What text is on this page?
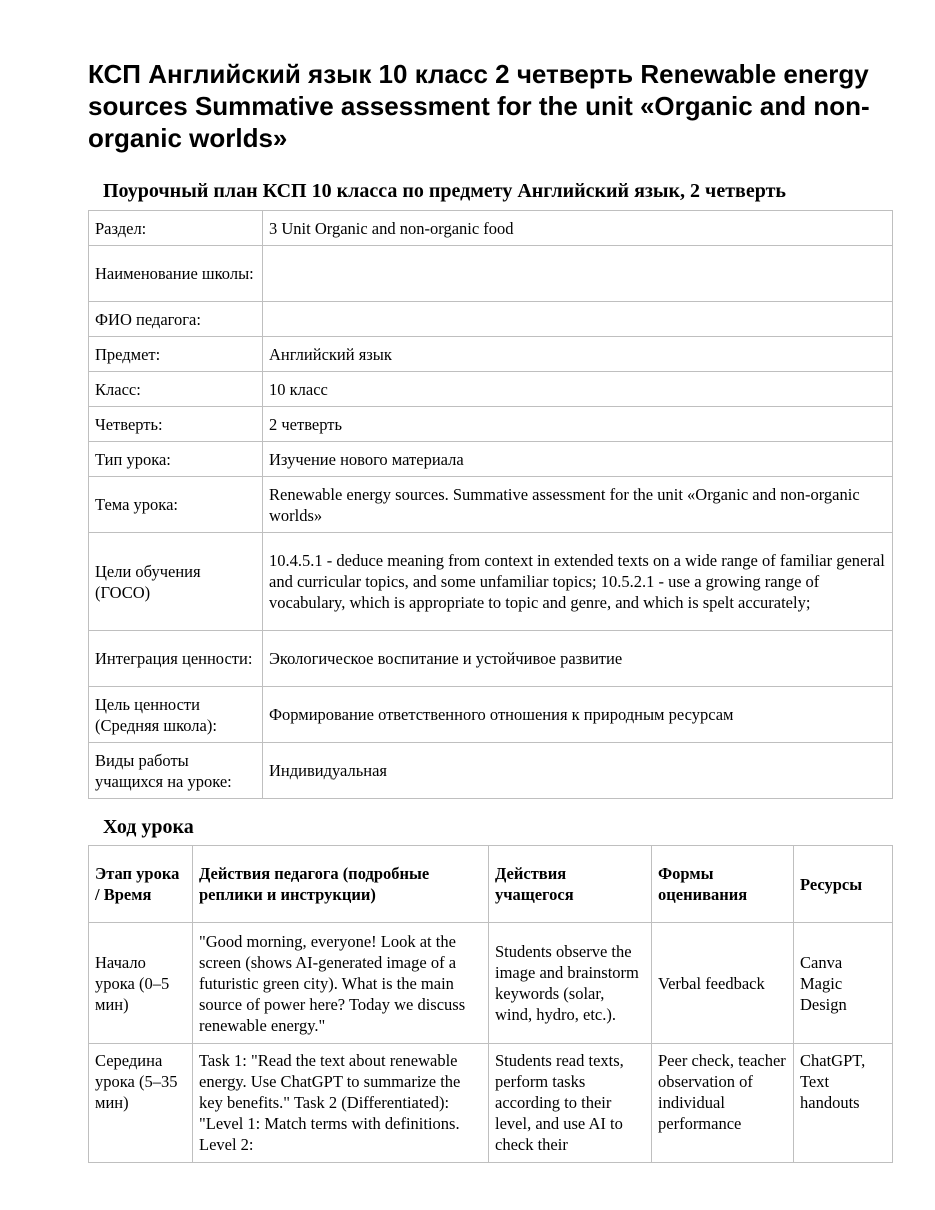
КСП Английский язык 10 класс 2 четверть Renewable energy sources Summative assessment for the unit «Organic and non-organic worlds»

Поурочный план КСП 10 класса по предмету Английский язык, 2 четверть

Раздел:	3 Unit Organic and non-organic food
Наименование школы:	
ФИО педагога:	
Предмет:	Английский язык
Класс:	10 класс
Четверть:	2 четверть
Тип урока:	Изучение нового материала
Тема урока:	Renewable energy sources. Summative assessment for the unit «Organic and non-organic worlds»
Цели обучения (ГОСО)	10.4.5.1 - deduce meaning from context in extended texts on a wide range of familiar general and curricular topics, and some unfamiliar topics; 10.5.2.1 - use a growing range of vocabulary, which is appropriate to topic and genre, and which is spelt accurately;
Интеграция ценности:	Экологическое воспитание и устойчивое развитие
Цель ценности (Средняя школа):	Формирование ответственного отношения к природным ресурсам
Виды работы учащихся на уроке:	Индивидуальная

Ход урока

Этап урока / Время	Действия педагога (подробные реплики и инструкции)	Действия учащегося	Формы оценивания	Ресурсы
Начало урока (0–5 мин)	"Good morning, everyone! Look at the screen (shows AI-generated image of a futuristic green city). What is the main source of power here? Today we discuss renewable energy."	Students observe the image and brainstorm keywords (solar, wind, hydro, etc.).	Verbal feedback	Canva Magic Design

Середина урока (5–35 мин)	Task 1: "Read the text about renewable energy. Use ChatGPT to summarize the key benefits." Task 2 (Differentiated): "Level 1: Match terms with definitions. Level 2:	Students read texts, perform tasks according to their level, and use AI to check their	Peer check, teacher observation of individual performance	ChatGPT, Text handouts
